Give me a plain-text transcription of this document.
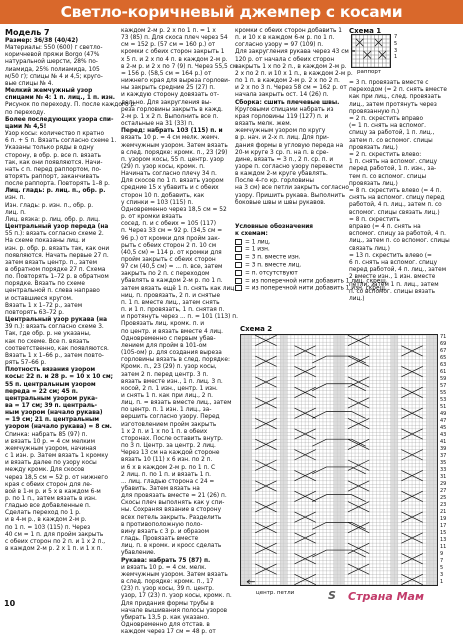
Светло-коричневый джемпер с косами

Модель 7

Размер: 36/38 (40/42)

Материалы: 550 (600) г светло-

коричневой пряжи Borgo (47%

натуральной шерсти, 28% по-

лиамида, 25% полиамида, 105

м/50 г); спицы № 4 и 4,5; круго-

вые спицы № 4.

Мелкий жемчужный узор

спицами № 4: 1 п. лиц., 1 п. изн.

Рисунок по переходу. П. после каждого р.

по переходу.

Более последующих узора спи-

цами № 4,5!

Узор косы: количество п кратно

6 п. + 5 п. Вязать согласно схеме 1.

Указаны только ряды в одну

сторону, в обр. р. все п. вязать

так, как они появляются. Начи-

нать с п. перед раппортом, по-

вторять раппорт, заканчивать

после раппорта. Повторять 1–8 р.

Лиц. гладь: р. лиц. п., обр. р.

изн. п.

Изн. гладь: р. изн. п., обр. р.

лиц. п.

Лиц. вязка: р. лиц. обр. р. лиц.

Центральный узор переда (на

55 п.): вязать согласно схеме 2.

На схеме показаны лиц. и

изн. р. обр. р. вязать так, как они

появляются. Начать первые 27 п.

затем вязать центр. п., затем

в обратном порядке 27 п. Схема

по. Повторять 1–72 р. в обратном

порядке. Вязать по схеме

центральной п. слева направо

и оставшиеся кругом.

Вязать 1 х 1–72 р., затем

повторять 63–72 р.

Центральный узор рукава (на

39 п.): вязать согласно схеме 3.

Так, где обр. р. не указаны,

как по схеме. Все п. вязать

соответственно, как появляются.

Вязать 1 х 1–66 р., затем повто-

рять 57–66 р.

Плотность вязания узором

косы: 22 п. и 28 р. = 10 х 10 см;

55 п. центральным узором

переда = 22 см; 45 п.

центральным узором рука-

ва = 17 см; 39 п. централь-

ным узором (начало рукава)

= 19 см; 21 п. центральным

узором (начало рукава) = 8 см.

Спинка: набрать 85 (97) п.

и вязать 10 р. = 4 см мелким

жемчужным узором, начиная

с 1 изн. р. Затем вязать 1 кромку

и вязать далее по узору косы

между кромк. Для скосов

через 18,5 см = 52 р. от нижнего

края с обеих сторон для ле-

вой в 1-м р. и 5 х в каждом 6-м

р. по 1 п., затем вязать в изн.

гладью все добавленные п.

Сделать переход по 1 р.

и в 4-м р., в каждом 2-м р.

по 1 п. = 103 (115) п. Через

40 см = 1 п. для пройм закрыть

с обеих сторон по 2 п. и 1 х 2 п.,

в каждом 2-м р. 2 х 1 п. и 1 х п.

каждом 2-м р. 2 х по 1 п. = 1 х

73 (85) п. Для скоса плеч через 54

см = 152 р. (57 см = 160 р.) от

кромки с обеих сторон закрыть 1

х 5 п. и 2 х по 4 п. в каждом 2-м р.

в 2-м р. и 2 х по 7 (9) п. Через 55,5 см

= 156 р. (58,5 см = 164 р.) от

нижнего края для выреза горлови-

ны закрыть средние 25 (27) п.

и каждую сторону довязать от-

дельно. Для закругления вы-

реза горловины закрыть в кажд.

2-м р. 1 х 2 п. Выполнить все п.

остальные на 31 (33) п.

Перед: набрать 103 (115) п. и

вязать 10 р. = 4 см мелк. жемч.

жемчужным узором. Затем вязать

в след. порядке: кромк. п., 23 (29)

п. узором косы, 55 п. центр. узор

(29) п. узор косы, кромк. п.

Начинать согласно плечу 34 п.

Для скосов по 1 п. вязать узором

средние 15 х убавить и с обеих

сторон 10 п. добавить, как

у спинки = 103 (115) п.

Одновременно через 18,5 см = 52

р. от кромки вязать

сосед. п. и с обеих = 105 (117)

п. Через 33 см = 92 р. (34,5 см =

96 р.) от кромки для пройм зак-

рыть с обеих сторон 2 п. 10 см

(40,5 см) = 114 р. от кромки для

пройм закрыть с обеих сторон

97 см (40,5 см) = ... п. все, затем

закрыть по 2 п. с переходом

убавлять в каждом 2-м р. по 1 п.

затем вязать ещё 1 п. снять как лиц.

ниц. п. провязать, 2 п. и снятые

п. 1 п. вместе лиц., затем снять

п. и 1 п. провязать, 1 п. снятая п.

и протянуть через ... п. = 101 (113) п.

Провязать лиц. кромк. п. и

по центр. и вязать вместе 4 лиц.

Одновременно с первым убав-

лением для пройм в 101-ом

(105-ом) р. для создания выреза

горловины вязать в след. порядке:

Кромк. п., 23 (29) п. узор косы,

затем 2 п. перед центр. 3 п.

вязать вместе изн., 1 п. лиц. 3 п.

косой, 2 п. 1 изн., центр. 1 изн.

и снять 1 п. как при лиц., 2 п.

лиц. п. = вязать вместе лиц., затем

по центр. п. 1 изн. 1 лиц., за-

вершить согласно узору. Перед

изготовлением пройм закрыть

1 х 2 п. и 1 х по 1 п. в обеих

сторонах. После оставить внутр.

по 3 п. Центр. за центр. 2 лиц.

Через 13 см на каждой стороне

вязать 10 (11) х 6 изн. по 2 п.

и 6 х в каждом 2-м р. по 1 п. С

2 лиц. п. по 1 п. и вязать 1 п.

... лиц. гладью сторона с 24 =

убавить. Затем вязать на

для провязать вместе = 21 (26) п.

Скосы плеч выполнять как у спи-

ны. Сохраняя вязание в сторону

всех петель закрыть. Разделить

в противоположную поло-

вину вязать с 3 р. и образом

гладь. Провязать вместе

лиц. п. в кромк. и кросс сделать

убавление.

Рукава: набрать 75 (87) п.

и вязать 10 р. = 4 см. мелк.

жемчужным узором. Затем вязать

в след. порядке: кромк. п., 17

(23) п. узор косы, 39 п. центр.

узор, 17 (23) п. узор косы, кромк. п.

Для придания формы трубы в

начале вышивания полосы узоров

убирать 13,5 р. как указано.

Одновременно для отстав. в

каждом через 17 см = 48 р. от

кромки с обеих сторон добавить 1

п. и 10 х в каждом 6-м р. по 1 п.

согласно узору = 97 (109) п.

Для закругления рукава через 43 см =

120 р. от начала с обеих сторон

закрыть 1 х по 2 п., в каждом 2-м р.

2 х по 2 п. и 10 х 1 п., в каждом 2-м р.

по 1 п. в каждом 2-м р. 2 х по 2 п.

и 2 х по 3 п. Через 58 см = 162 р. от

начала закрыть ост. 14 (26) п.

Сборка: сшить плечевые швы.

Круговыми спицами набрать из

края горловины 119 (127) п. и

вязать мелк. жем.

жемчужным узором по кругу

в р. нач. и 2-х п. лиц. Для при-

дания формы в угловую переда на

20-м круге 3 ср. п. на п. в сре-

дине, вязать = 3 п., 2 п. ср. п. и

узоре п. согласно узору перевести

в каждом 2-м круге убавлять.

После 4-го кр. горловины

на 3 см) все петли закрыть согласно

узору. Пришить рукава. Выполнить

боковые швы и швы рукавов.

Условные обозначения

к схемам:

= 1 лиц.

= 1 изн.

= 3 п. вместе изн.

= 3 п. вместе лиц.

= п. отсутствуют

= из поперечной нити добавить 1 лиц. скрещ.

= из поперечной нити добавить 1 изн. скрещ.

Схема 1
7
5
3
1
раппорт

= 3 п. провязать вместе с

переходом (= 2 п. снять вместе

как при лиц., след. провязать

лиц., затем протянуть через

провязанную п.)

= 2 п. скрестить вправо

(= 1 п. снять на вспомог.

спицу за работой, 1 п. лиц.,

затем п. со вспомог. спицы

провязать лиц.)

= 2 п. скрестить влево:

1 п. снять на вспомог. спицу

перед работой, 1 п. изн., за-

тем п. со вспомог. спицы

провязать лиц.)

= 8 п. скрестить влево (= 4 п.

снять на вспомог. спицу перед

работой, 4 п. лиц., затем п. со

вспомог. спицы связать лиц.)

= 8 п. скрестить

вправо (= 4 п. снять на

вспомог. спицу за работой, 4 п.

лиц., затем п. со вспомог. спицы

связать лиц.)

= 13 п. скрестить влево (=

6 п. снять на вспомог. спицу

перед работой, 4 п. лиц., затем

2 вместе изн., 1 изн. вместе

петли, затем 1 п. лиц., затем

п. со вспомог. спицы вязать

лиц.)

Схема 2
71
69
67
65
63
61
59
57
55
53
51
49
47
45
43
41
39
37
35
33
31
29
27
25
23
21
19
17
15
13
11
9
7
5
3
1
центр. петли
10
S Страна Мам
